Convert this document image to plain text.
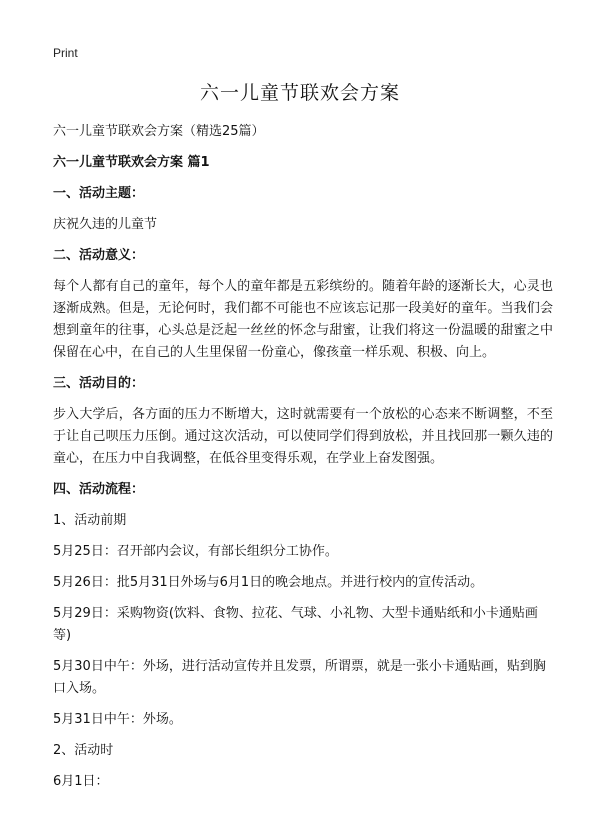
Print
六一儿童节联欢会方案

六一儿童节联欢会方案（精选25篇）

六一儿童节联欢会方案 篇1

一、活动主题：

庆祝久违的儿童节

二、活动意义：

每个人都有自己的童年，每个人的童年都是五彩缤纷的。随着年龄的逐渐长大，心灵也逐渐成熟。但是，无论何时，我们都不可能也不应该忘记那一段美好的童年。当我们会想到童年的往事，心头总是泛起一丝丝的怀念与甜蜜，让我们将这一份温暖的甜蜜之中保留在心中，在自己的人生里保留一份童心，像孩童一样乐观、积极、向上。

三、活动目的：

步入大学后，各方面的压力不断增大，这时就需要有一个放松的心态来不断调整，不至于让自己呗压力压倒。通过这次活动，可以使同学们得到放松，并且找回那一颗久违的童心，在压力中自我调整，在低谷里变得乐观，在学业上奋发图强。

四、活动流程：

1、活动前期

5月25日：召开部内会议，有部长组织分工协作。

5月26日：批5月31日外场与6月1日的晚会地点。并进行校内的宣传活动。

5月29日：采购物资(饮料、食物、拉花、气球、小礼物、大型卡通贴纸和小卡通贴画等)

5月30日中午：外场，进行活动宣传并且发票，所谓票，就是一张小卡通贴画，贴到胸口入场。

5月31日中午：外场。

2、活动时

6月1日：
